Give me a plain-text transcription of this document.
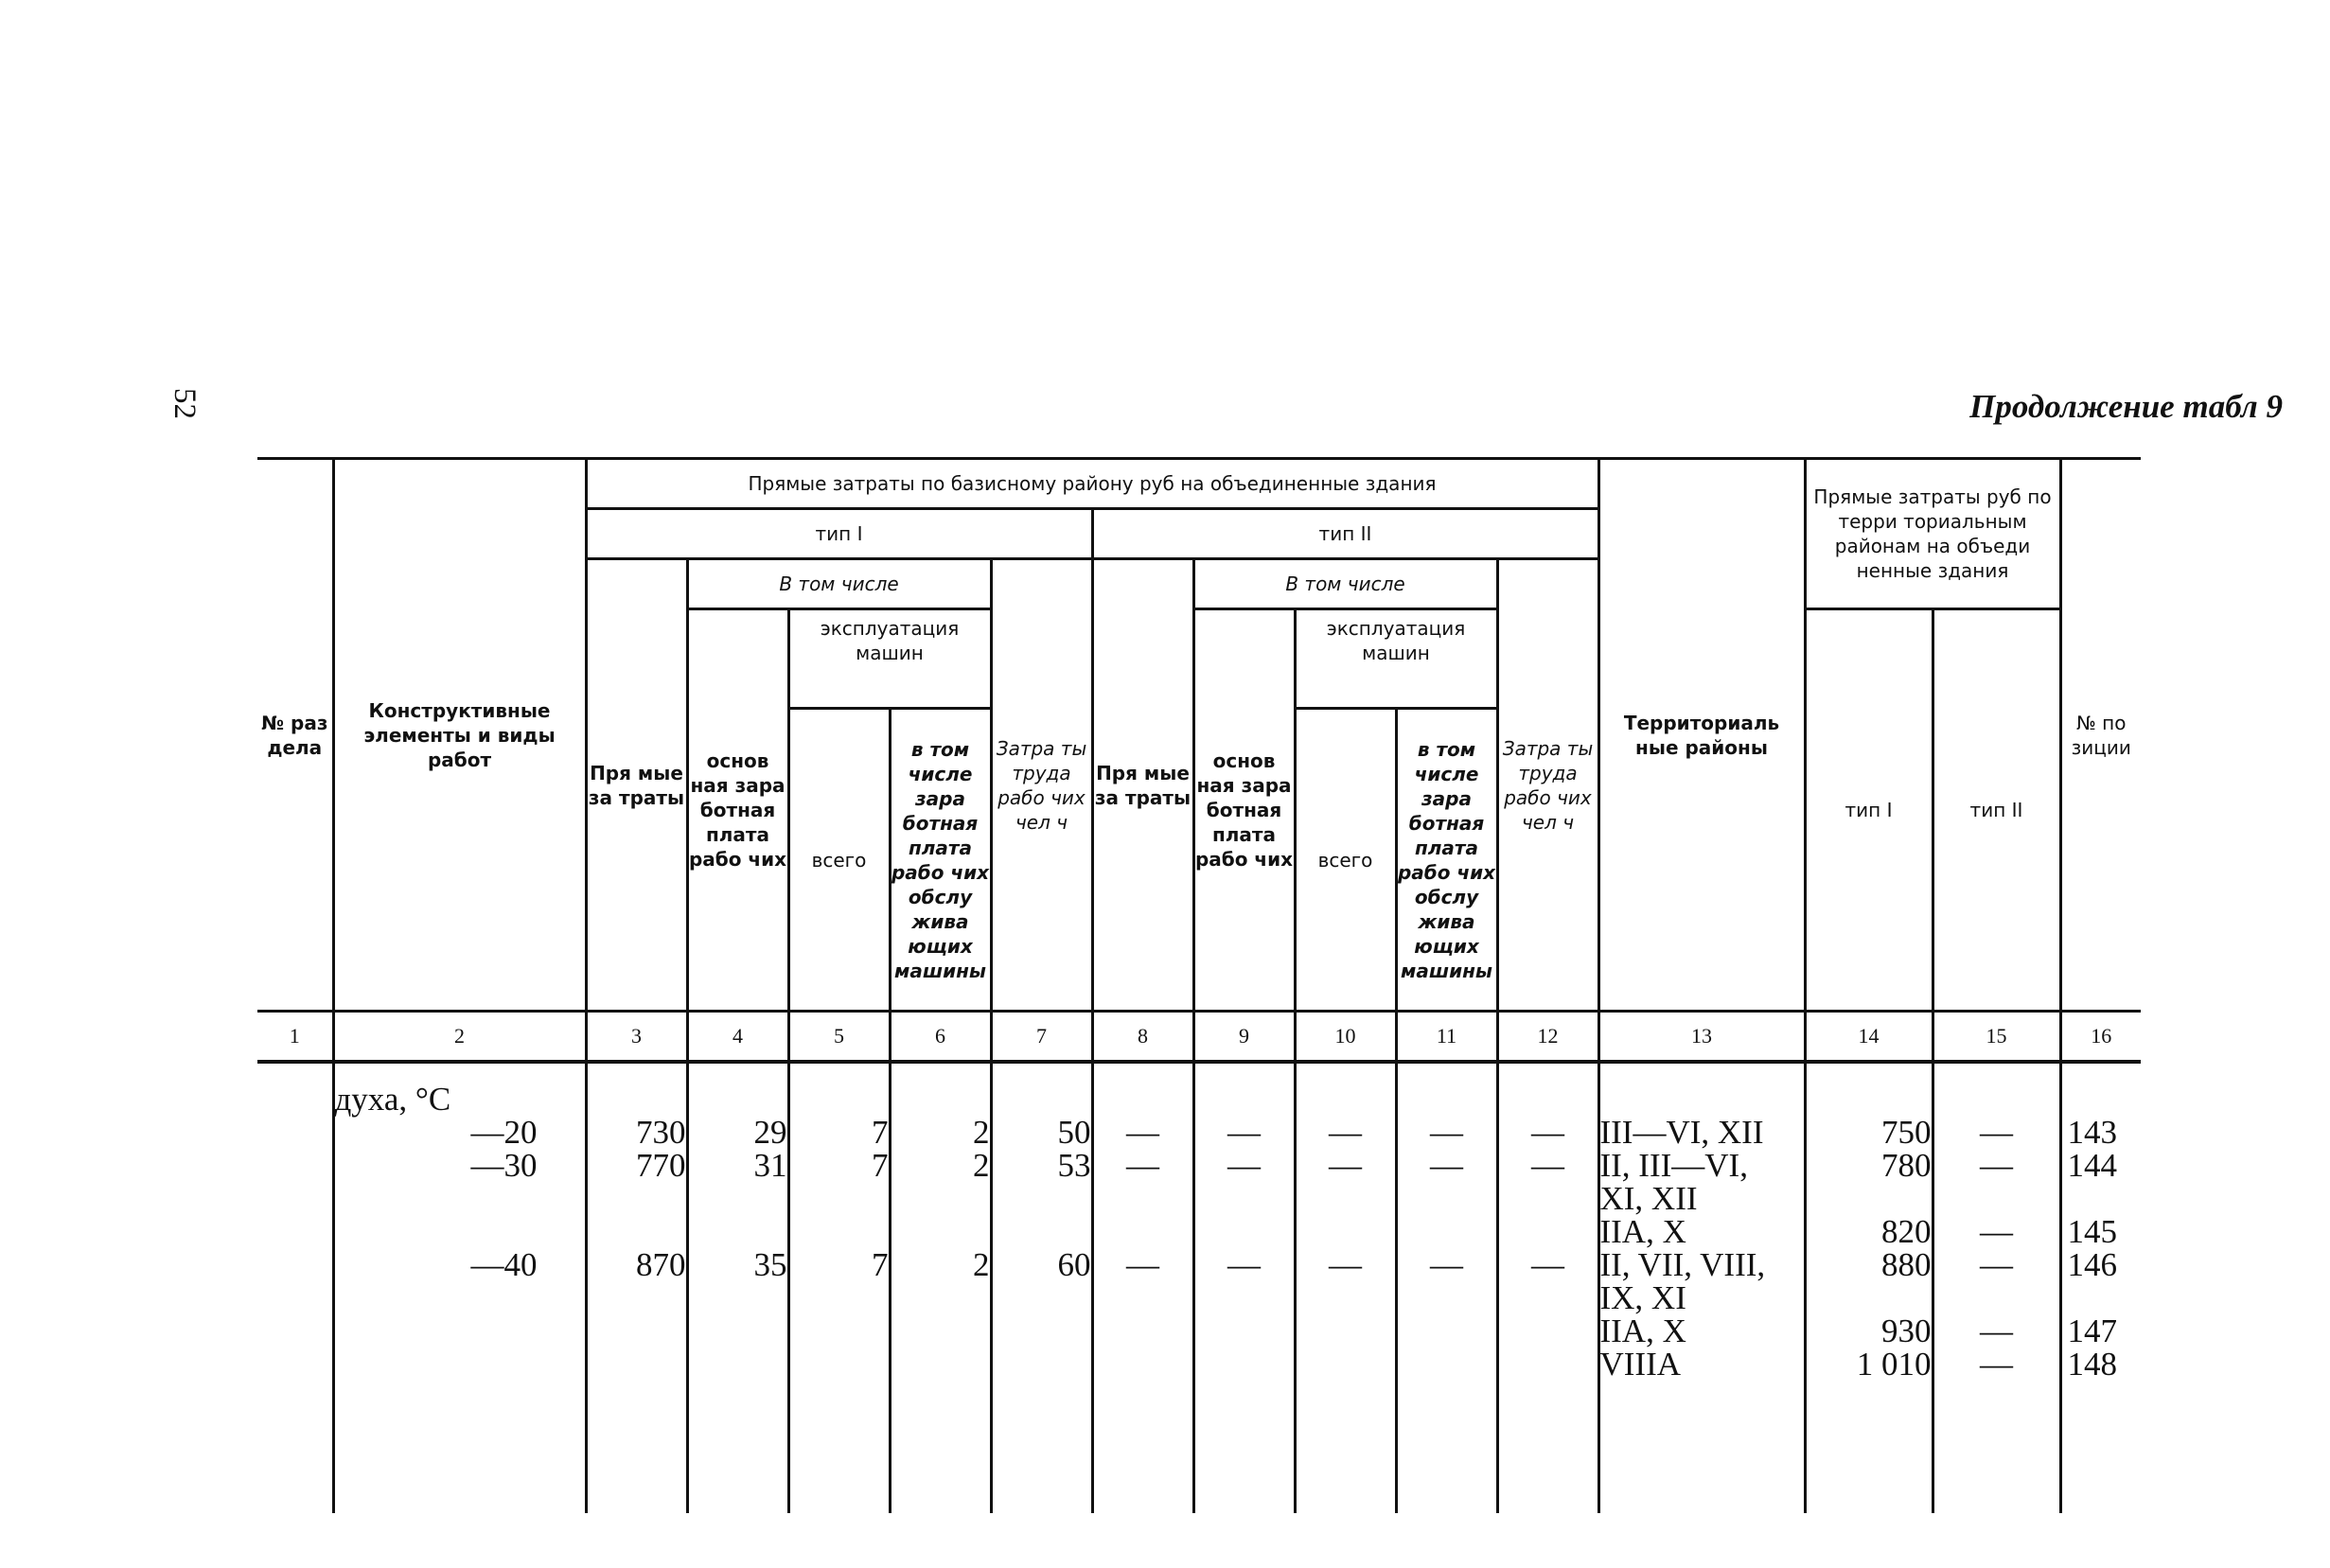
52	Продолжение табл 9
№ раз дела	Конструктивные элементы и виды работ	Прямые затраты по базисному району руб на объединенные здания										Территориаль ные районы	Прямые затраты руб по терри ториальным районам на объеди ненные здания		№ по зиции
		тип I					тип II								
		Пря мые за траты	В том числе			Затра ты труда рабо чих чел ч	Пря мые за траты	В том числе			Затра ты труда рабо чих чел ч				
			основ ная зара ботная плата рабо чих	эксплуатация машин				основ ная зара ботная плата рабо чих	эксплуатация машин				тип I	тип II	
				всего	в том числе зара ботная плата рабо чих обслу жива ющих машины				всего	в том числе зара ботная плата рабо чих обслу жива ющих машины					
1	2	3	4	5	6	7	8	9	10	11	12	13	14	15	16

	духа, °C														
	—20	730	29	7	2	50	—	—	—	—	—	III—VI, XII	750	—	143
	—30	770	31	7	2	53	—	—	—	—	—	II, III—VI,	780	—	144
												XI, XII			
												IIA, X	820	—	145
	—40	870	35	7	2	60	—	—	—	—	—	II, VII, VIII,	880	—	146
												IX, XI			
												IIA, X	930	—	147
												VIIIA	1 010	—	148
